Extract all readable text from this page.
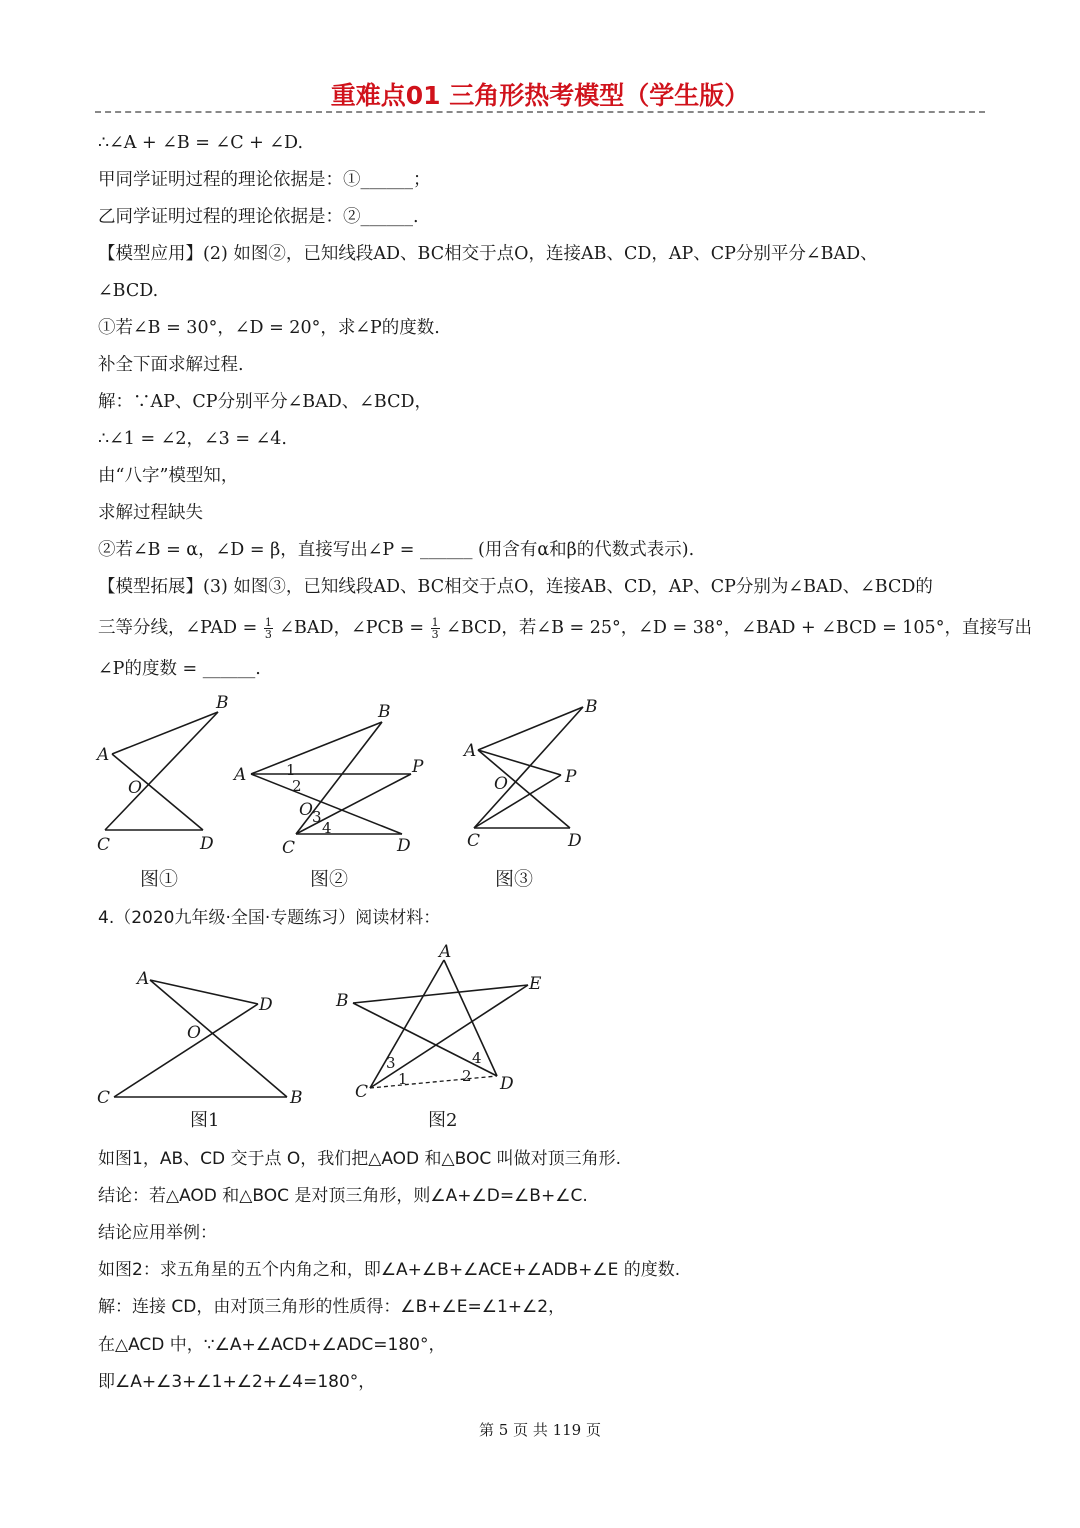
重难点01 三角形热考模型（学生版）
∴∠A + ∠B = ∠C + ∠D.
甲同学证明过程的理论依据是：①______；
乙同学证明过程的理论依据是：②______.
【模型应用】(2) 如图②，已知线段AD、BC相交于点O，连接AB、CD，AP、CP分别平分∠BAD、
∠BCD.
①若∠B = 30°，∠D = 20°，求∠P的度数.
补全下面求解过程.
解：∵AP、CP分别平分∠BAD、∠BCD，
∴∠1 = ∠2，∠3 = ∠4.
由“八字”模型知，
求解过程缺失
②若∠B = α，∠D = β，直接写出∠P = ______ (用含有α和β的代数式表示).
【模型拓展】(3) 如图③，已知线段AD、BC相交于点O，连接AB、CD，AP、CP分别为∠BAD、∠BCD的
三等分线，∠PAD = $\frac{1}{3}$ ∠BAD，∠PCB = $\frac{1}{3}$ ∠BCD，若∠B = 25°，∠D = 38°，∠BAD + ∠BCD = 105°，直接写出
∠P的度数 = ______.
A
B
O
C	D
图①
A
B
P
O
C	D
1
2
3
4
图②
A
B
P
O
C	D
图③
A
D
O
C	B
图1
A
B
E
C	D
1	2
3	4
图2
4.（2020九年级·全国·专题练习）阅读材料：
如图1，AB、CD 交于点 O，我们把△AOD 和△BOC 叫做对顶三角形.
结论：若△AOD 和△BOC 是对顶三角形，则∠A+∠D=∠B+∠C.
结论应用举例：
如图2：求五角星的五个内角之和，即∠A+∠B+∠ACE+∠ADB+∠E 的度数.
解：连接 CD，由对顶三角形的性质得：∠B+∠E=∠1+∠2，
在△ACD 中，∵∠A+∠ACD+∠ADC=180°，
即∠A+∠3+∠1+∠2+∠4=180°，
第 5 页 共 119 页
